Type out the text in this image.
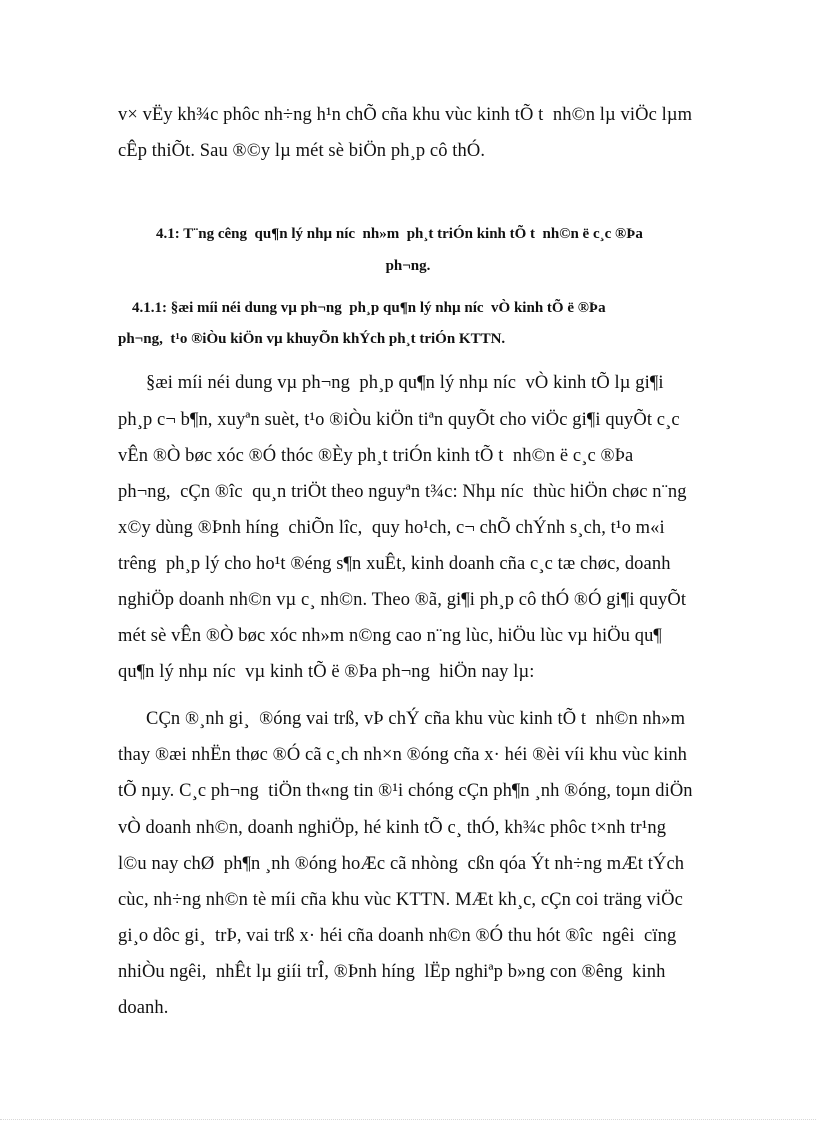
v× vËy kh¾c phôc nh÷ng h¹n chÕ cña khu vùc kinh tÕ t  nh©n lµ viÖc lµm
cÊp thiÕt. Sau ®©y lµ mét sè biÖn ph¸p cô thÓ.
4.1: T¨ng cêng  qu¶n lý nhµ níc  nh»m  ph¸t triÓn kinh tÕ t  nh©n ë c¸c ®Þa
ph¬ng.
4.1.1: §æi míi néi dung vµ ph¬ng  ph¸p qu¶n lý nhµ níc  vÒ kinh tÕ ë ®Þa
ph¬ng,  t¹o ®iÒu kiÖn vµ khuyÕn khÝch ph¸t triÓn KTTN.
§æi míi néi dung vµ ph¬ng  ph¸p qu¶n lý nhµ níc  vÒ kinh tÕ lµ gi¶i
ph¸p c¬ b¶n, xuyªn suèt, t¹o ®iÒu kiÖn tiªn quyÕt cho viÖc gi¶i quyÕt c¸c
vÊn ®Ò bøc xóc ®Ó thóc ®Èy ph¸t triÓn kinh tÕ t  nh©n ë c¸c ®Þa
ph¬ng,  cÇn ®îc  qu¸n triÖt theo nguyªn t¾c: Nhµ níc  thùc hiÖn chøc n¨ng
x©y dùng ®Þnh híng  chiÕn lîc,  quy ho¹ch, c¬ chÕ chÝnh s¸ch, t¹o m«i
trêng  ph¸p lý cho ho¹t ®éng s¶n xuÊt, kinh doanh cña c¸c tæ chøc, doanh
nghiÖp doanh nh©n vµ c¸ nh©n. Theo ®ã, gi¶i ph¸p cô thÓ ®Ó gi¶i quyÕt
mét sè vÊn ®Ò bøc xóc nh»m n©ng cao n¨ng lùc, hiÖu lùc vµ hiÖu qu¶
qu¶n lý nhµ níc  vµ kinh tÕ ë ®Þa ph¬ng  hiÖn nay lµ:
CÇn ®¸nh gi¸  ®óng vai trß, vÞ chÝ cña khu vùc kinh tÕ t  nh©n nh»m
thay ®æi nhËn thøc ®Ó cã c¸ch nh×n ®óng cña x· héi ®èi víi khu vùc kinh
tÕ nµy. C¸c ph¬ng  tiÖn th«ng tin ®¹i chóng cÇn ph¶n ¸nh ®óng, toµn diÖn
vÒ doanh nh©n, doanh nghiÖp, hé kinh tÕ c¸ thÓ, kh¾c phôc t×nh tr¹ng
l©u nay chØ  ph¶n ¸nh ®óng hoÆc cã nhòng  cßn qóa Ýt nh÷ng mÆt tÝch
cùc, nh÷ng nh©n tè míi cña khu vùc KTTN. MÆt kh¸c, cÇn coi träng viÖc
gi¸o dôc gi¸  trÞ, vai trß x· héi cña doanh nh©n ®Ó thu hót ®îc  ngêi  cïng
nhiÒu ngêi,  nhÊt lµ giíi trÎ, ®Þnh híng  lËp nghiªp b»ng con ®êng  kinh
doanh.
